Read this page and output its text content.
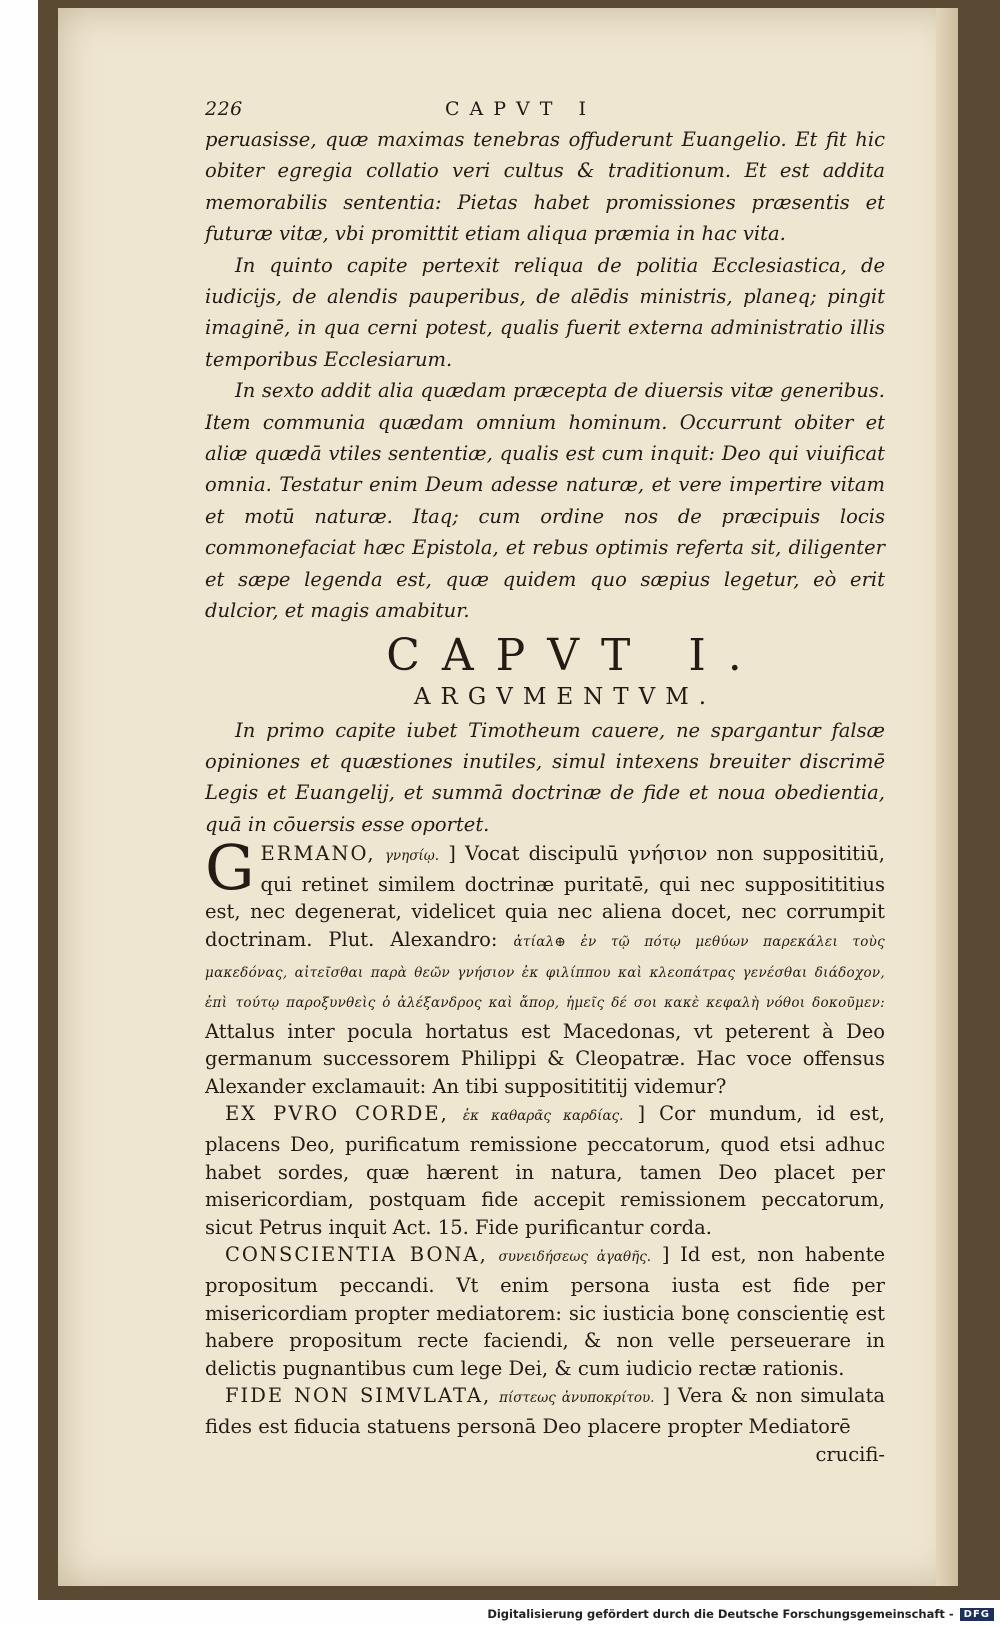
226	CAPVT I

peruasisse, quæ maximas tenebras offuderunt Euangelio. Et fit hic obiter egregia collatio veri cultus & traditionum. Et est addita memorabilis sententia: Pietas habet promissiones præsentis et futuræ vitæ, vbi promittit etiam aliqua præmia in hac vita.

In quinto capite pertexit reliqua de politia Ecclesiastica, de iudicijs, de alendis pauperibus, de alēdis ministris, planeq; pingit imaginē, in qua cerni potest, qualis fuerit externa administratio illis temporibus Ecclesiarum.

In sexto addit alia quædam præcepta de diuersis vitæ generibus. Item communia quædam omnium hominum. Occurrunt obiter et aliæ quædā vtiles sententiæ, qualis est cum inquit: Deo qui viuificat omnia. Testatur enim Deum adesse naturæ, et vere impertire vitam et motū naturæ. Itaq; cum ordine nos de præcipuis locis commonefaciat hæc Epistola, et rebus optimis referta sit, diligenter et sæpe legenda est, quæ quidem quo sæpius legetur, eò erit dulcior, et magis amabitur.

CAPVT I.
ARGVMENTVM.

In primo capite iubet Timotheum cauere, ne spargantur falsæ opiniones et quæstiones inutiles, simul intexens breuiter discrimē Legis et Euangelij, et summā doctrinæ de fide et noua obedientia, quā in cōuersis esse oportet.

G ERMANO, γνησίῳ. ] Vocat discipulū γνήσιον non supposititiū, qui retinet similem doctrinæ puritatē, qui nec suppositititius est, nec degenerat, videlicet quia nec aliena docet, nec corrumpit doctrinam. Plut. Alexandro: ἀτίαλ⊕ ἐν τῷ πότῳ μεθύων παρεκάλει τοὺς μακεδόνας, αἰτεῖσθαι παρὰ θεῶν γνήσιον ἐκ φιλίππου καὶ κλεοπάτρας γενέσθαι διάδοχον, ἐπὶ τούτῳ παροξυνθεὶς ὁ ἀλέξανδρος καὶ ἄπορ, ἡμεῖς δέ σοι κακὲ κεφαλὴ νόθοι δοκοῦμεν: Attalus inter pocula hortatus est Macedonas, vt peterent à Deo germanum successorem Philippi & Cleopatræ. Hac voce offensus Alexander exclamauit: An tibi suppositititij videmur?

EX PVRO CORDE, ἐκ καθαρᾶς καρδίας. ] Cor mundum, id est, placens Deo, purificatum remissione peccatorum, quod etsi adhuc habet sordes, quæ hærent in natura, tamen Deo placet per misericordiam, postquam fide accepit remissionem peccatorum, sicut Petrus inquit Act. 15. Fide purificantur corda.

CONSCIENTIA BONA, συνειδήσεως ἀγαθῆς. ] Id est, non habente propositum peccandi. Vt enim persona iusta est fide per misericordiam propter mediatorem: sic iusticia bonę conscientię est habere propositum recte faciendi, & non velle perseuerare in delictis pugnantibus cum lege Dei, & cum iudicio rectæ rationis.

FIDE NON SIMVLATA, πίστεως ἀνυποκρίτου. ] Vera & non simulata fides est fiducia statuens personā Deo placere propter Mediatorē

crucifi-

Digitalisierung gefördert durch die Deutsche Forschungsgemeinschaft -	DFG
